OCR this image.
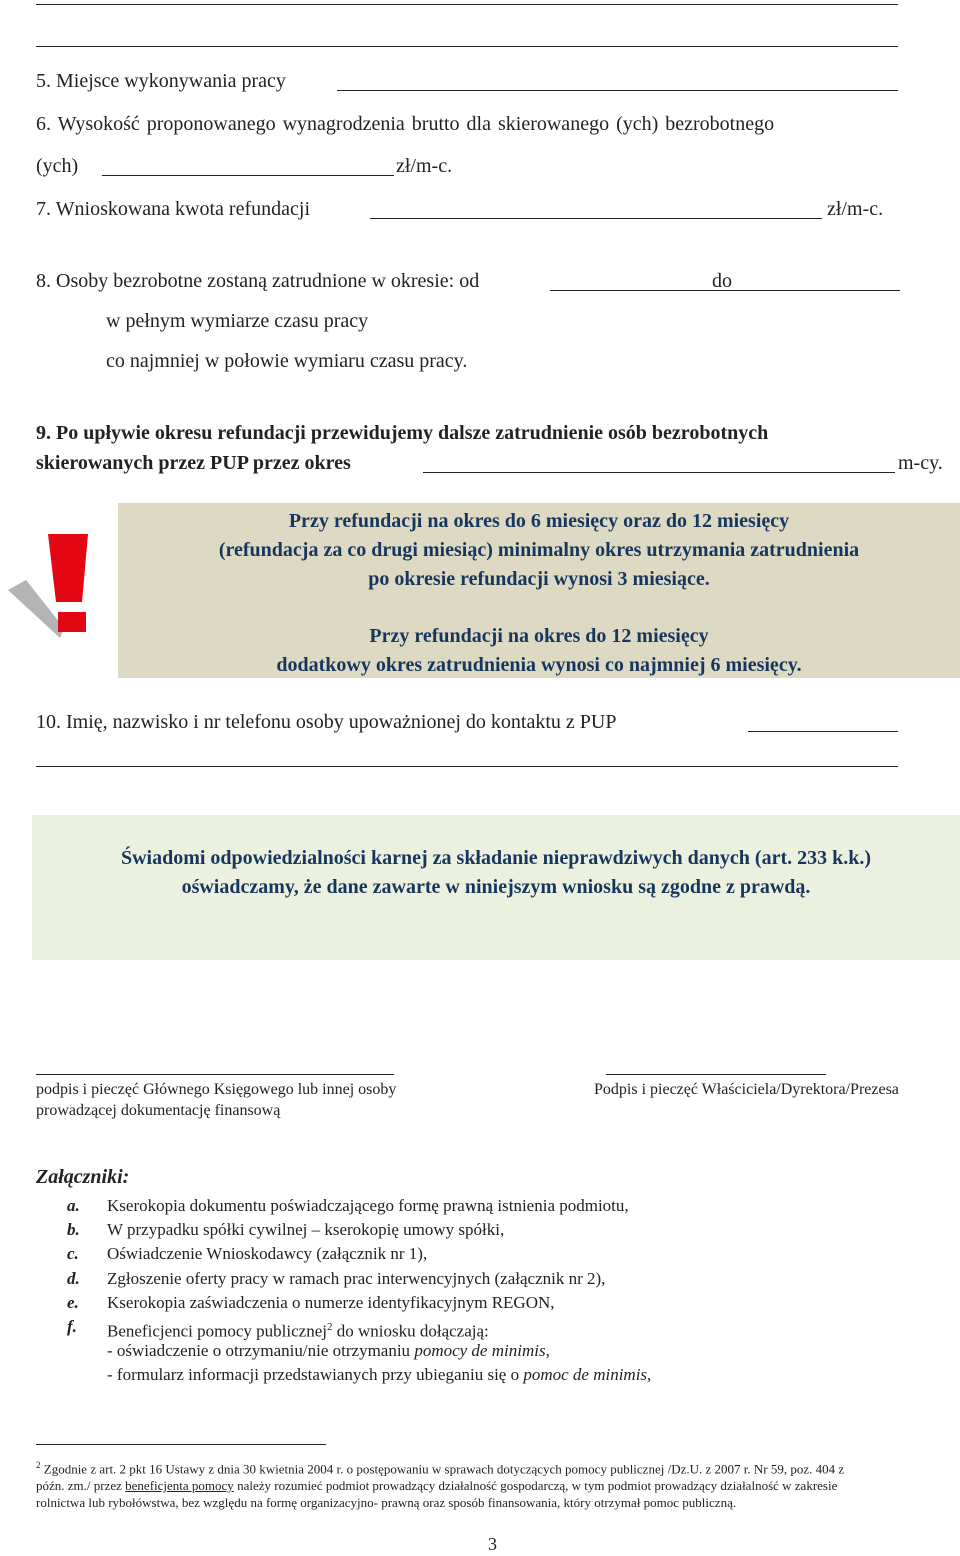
5. Miejsce wykonywania pracy
6. Wysokość proponowanego wynagrodzenia brutto dla skierowanego (ych) bezrobotnego
(ych)	zł/m-c.
7. Wnioskowana kwota refundacji	zł/m-c.
8. Osoby bezrobotne zostaną zatrudnione w okresie: od	do
w pełnym wymiarze czasu pracy
co najmniej w połowie wymiaru czasu pracy.
9. Po upływie okresu refundacji przewidujemy dalsze zatrudnienie osób bezrobotnych
skierowanych przez PUP przez okres	m-cy.

Przy refundacji na okres do 6 miesięcy oraz do 12 miesięcy

(refundacja za co drugi miesiąc) minimalny okres utrzymania zatrudnienia

po okresie refundacji wynosi 3 miesiące.

Przy refundacji na okres do 12 miesięcy

dodatkowy okres zatrudnienia wynosi co najmniej 6 miesięcy.

10. Imię, nazwisko i nr telefonu osoby upoważnionej do kontaktu z PUP

Świadomi odpowiedzialności karnej za składanie nieprawdziwych danych (art. 233 k.k.)

oświadczamy, że dane zawarte w niniejszym wniosku są zgodne z prawdą.

podpis i pieczęć Głównego Księgowego lub innej osoby
prowadzącej dokumentację finansową
Podpis i pieczęć Właściciela/Dyrektora/Prezesa
Załączniki:
a. Kserokopia dokumentu poświadczającego formę prawną istnienia podmiotu,
b. W przypadku spółki cywilnej – kserokopię umowy spółki,
c. Oświadczenie Wnioskodawcy (załącznik nr 1),
d. Zgłoszenie oferty pracy w ramach prac interwencyjnych (załącznik nr 2),
e. Kserokopia zaświadczenia o numerze identyfikacyjnym REGON,
f. Beneficjenci pomocy publicznej$^2$ do wniosku dołączają:
- oświadczenie o otrzymaniu/nie otrzymaniu pomocy de minimis,
- formularz informacji przedstawianych przy ubieganiu się o pomoc de minimis,
$^2$ Zgodnie z art. 2 pkt 16 Ustawy z dnia 30 kwietnia 2004 r. o postępowaniu w sprawach dotyczących pomocy publicznej /Dz.U. z 2007 r. Nr 59, poz. 404 z
późn. zm./ przez beneficjenta pomocy należy rozumieć podmiot prowadzący działalność gospodarczą, w tym podmiot prowadzący działalność w zakresie
rolnictwa lub rybołówstwa, bez względu na formę organizacyjno- prawną oraz sposób finansowania, który otrzymał pomoc publiczną.
3
